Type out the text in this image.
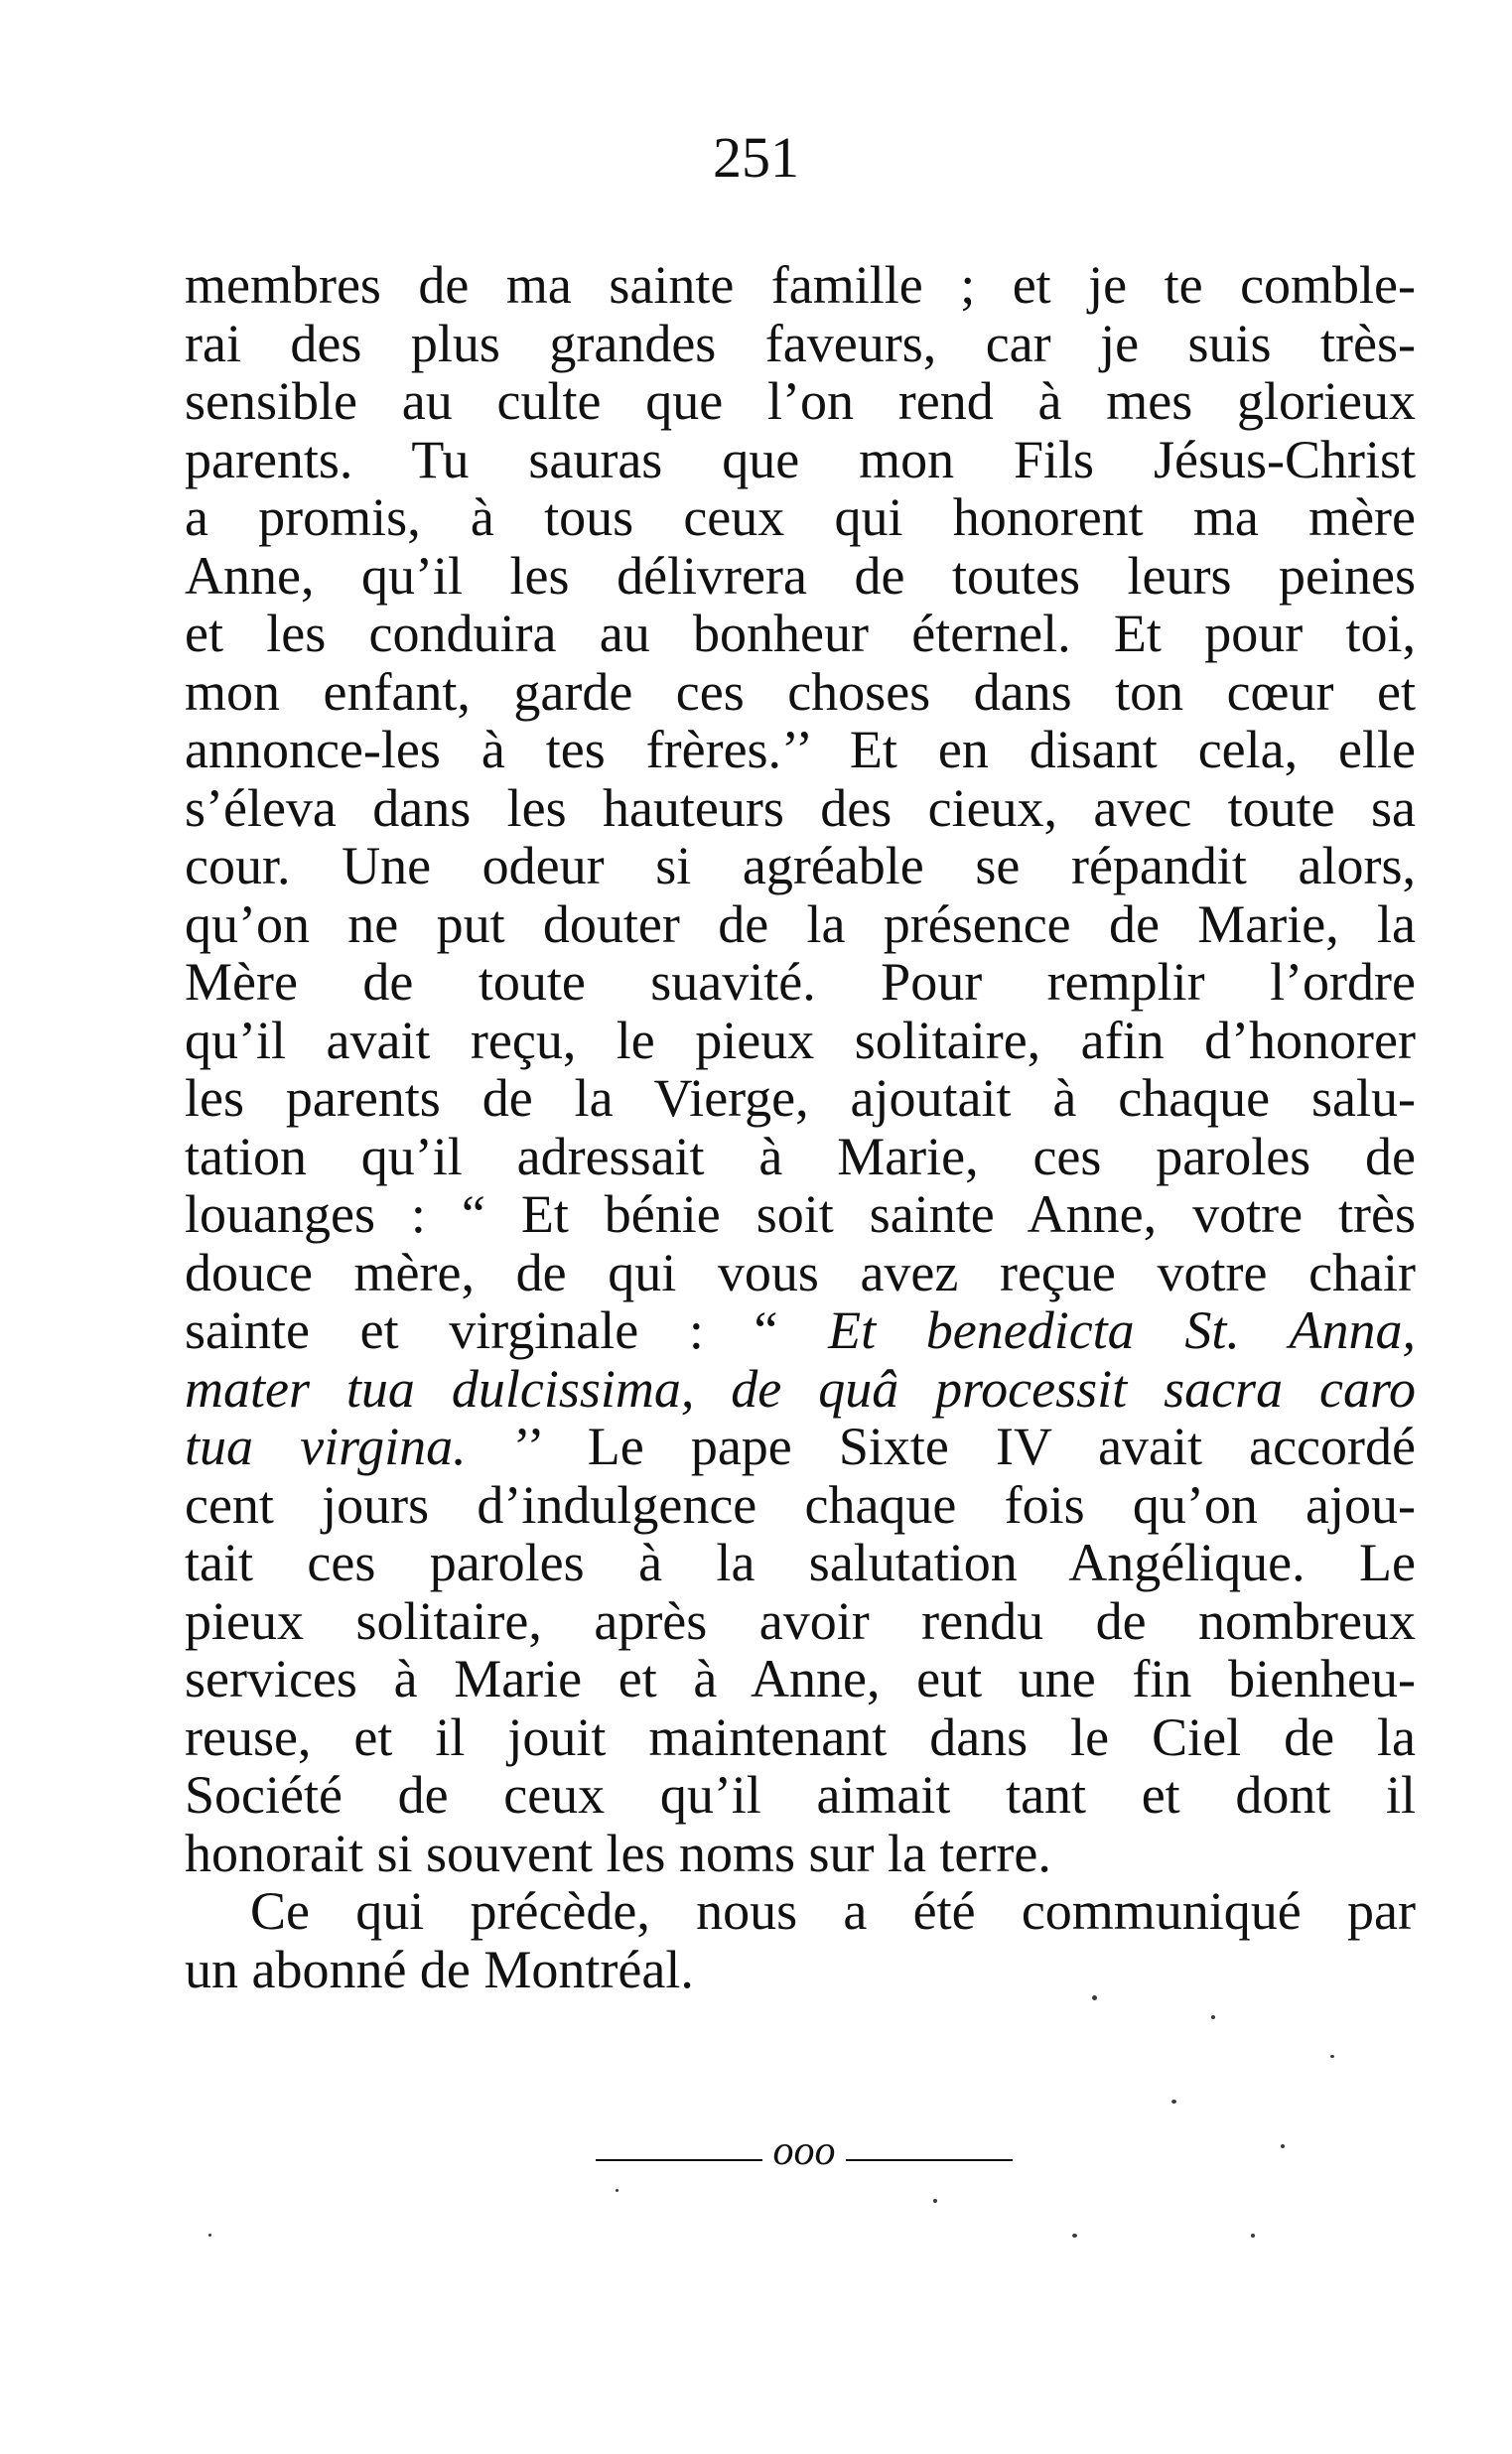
251
membres de ma sainte famille ; et je te comble-
rai des plus grandes faveurs, car je suis très-
sensible au culte que l’on rend à mes glorieux
parents. Tu sauras que mon Fils Jésus-Christ
a promis, à tous ceux qui honorent ma mère
Anne, qu’il les délivrera de toutes leurs peines
et les conduira au bonheur éternel. Et pour toi,
mon enfant, garde ces choses dans ton cœur et
annonce-les à tes frères.’’ Et en disant cela, elle
s’éleva dans les hauteurs des cieux, avec toute sa
cour. Une odeur si agréable se répandit alors,
qu’on ne put douter de la présence de Marie, la
Mère de toute suavité. Pour remplir l’ordre
qu’il avait reçu, le pieux solitaire, afin d’honorer
les parents de la Vierge, ajoutait à chaque salu-
tation qu’il adressait à Marie, ces paroles de
louanges : “ Et bénie soit sainte Anne, votre très
douce mère, de qui vous avez reçue votre chair
sainte et virginale : “ Et benedicta St. Anna,
mater tua dulcissima, de quâ processit sacra caro
tua virgina. ’’ Le pape Sixte IV avait accordé
cent jours d’indulgence chaque fois qu’on ajou-
tait ces paroles à la salutation Angélique. Le
pieux solitaire, après avoir rendu de nombreux
services à Marie et à Anne, eut une fin bienheu-
reuse, et il jouit maintenant dans le Ciel de la
Société de ceux qu’il aimait tant et dont il
honorait si souvent les noms sur la terre.
Ce qui précède, nous a été communiqué par
un abonné de Montréal.
ooo
